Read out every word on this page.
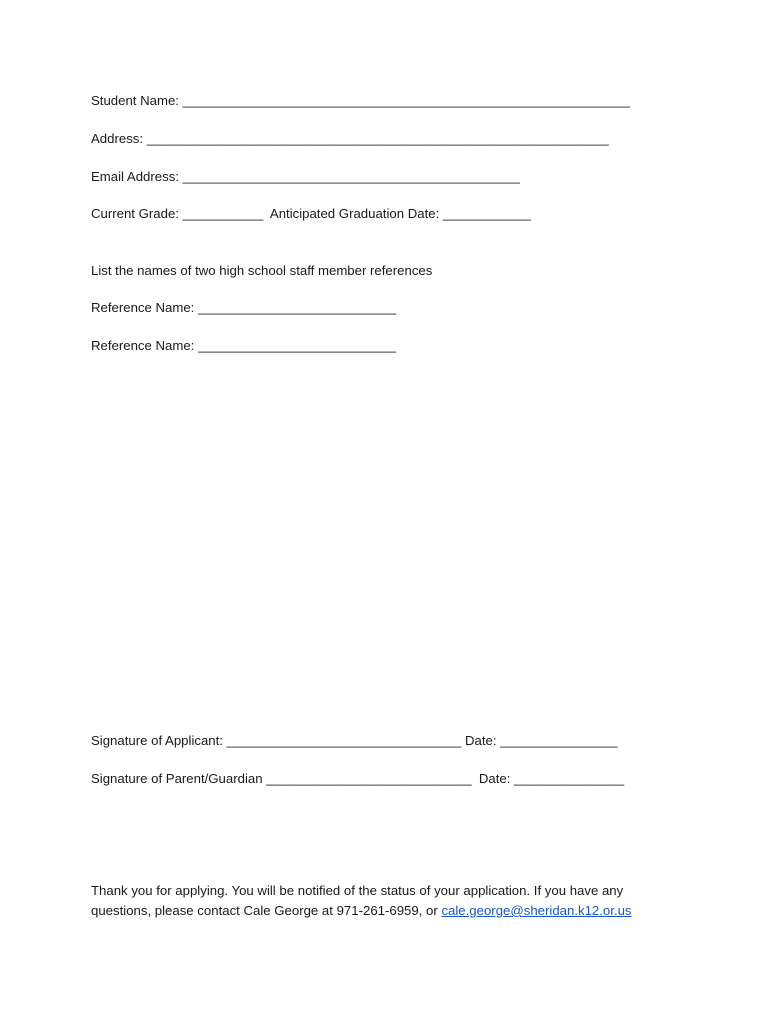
Student Name: _____________________________________________________________
Address: _______________________________________________________________
Email Address: ______________________________________________
Current Grade: ___________  Anticipated Graduation Date: ____________
List the names of two high school staff member references
Reference Name: ___________________________
Reference Name: ___________________________
Signature of Applicant: ________________________________ Date: ________________
Signature of Parent/Guardian ____________________________  Date: _______________
Thank you for applying. You will be notified of the status of your application. If you have any
questions, please contact Cale George at 971-261-6959, or cale.george@sheridan.k12.or.us
